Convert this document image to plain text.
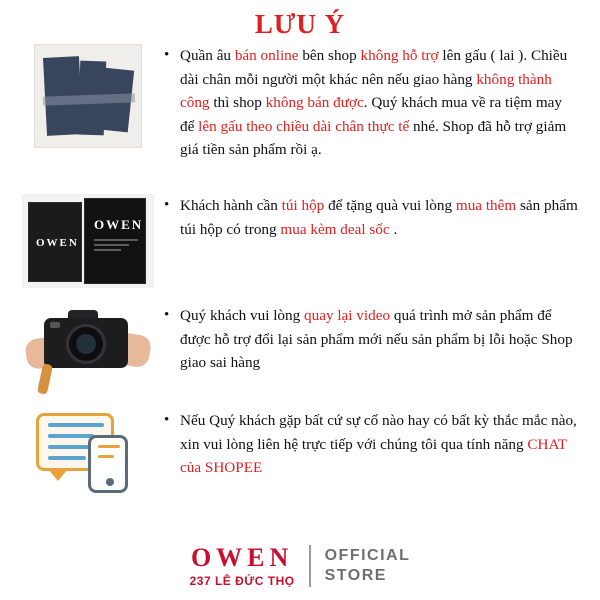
LƯU Ý
• Quần âu bán online bên shop không hỗ trợ lên gấu ( lai ). Chiều dài chân mỗi người một khác nên nếu giao hàng không thành công thì shop không bán được. Quý khách mua về ra tiệm may để lên gấu theo chiều dài chân thực tế nhé. Shop đã hỗ trợ giảm giá tiền sản phẩm rồi ạ.
OWEN
OWEN
• Khách hành cần túi hộp để tặng quà vui lòng mua thêm sản phẩm túi hộp có trong mua kèm deal sốc .
• Quý khách vui lòng quay lại video quá trình mở sản phẩm để được hỗ trợ đổi lại sản phẩm mới nếu sản phẩm bị lỗi hoặc Shop giao sai hàng
• Nếu Quý khách gặp bất cứ sự cố nào hay có bất kỳ thắc mắc nào, xin vui lòng liên hệ trực tiếp với chúng tôi qua tính năng CHAT của SHOPEE
OWEN
237 LÊ ĐỨC THỌ
OFFICIAL
STORE
